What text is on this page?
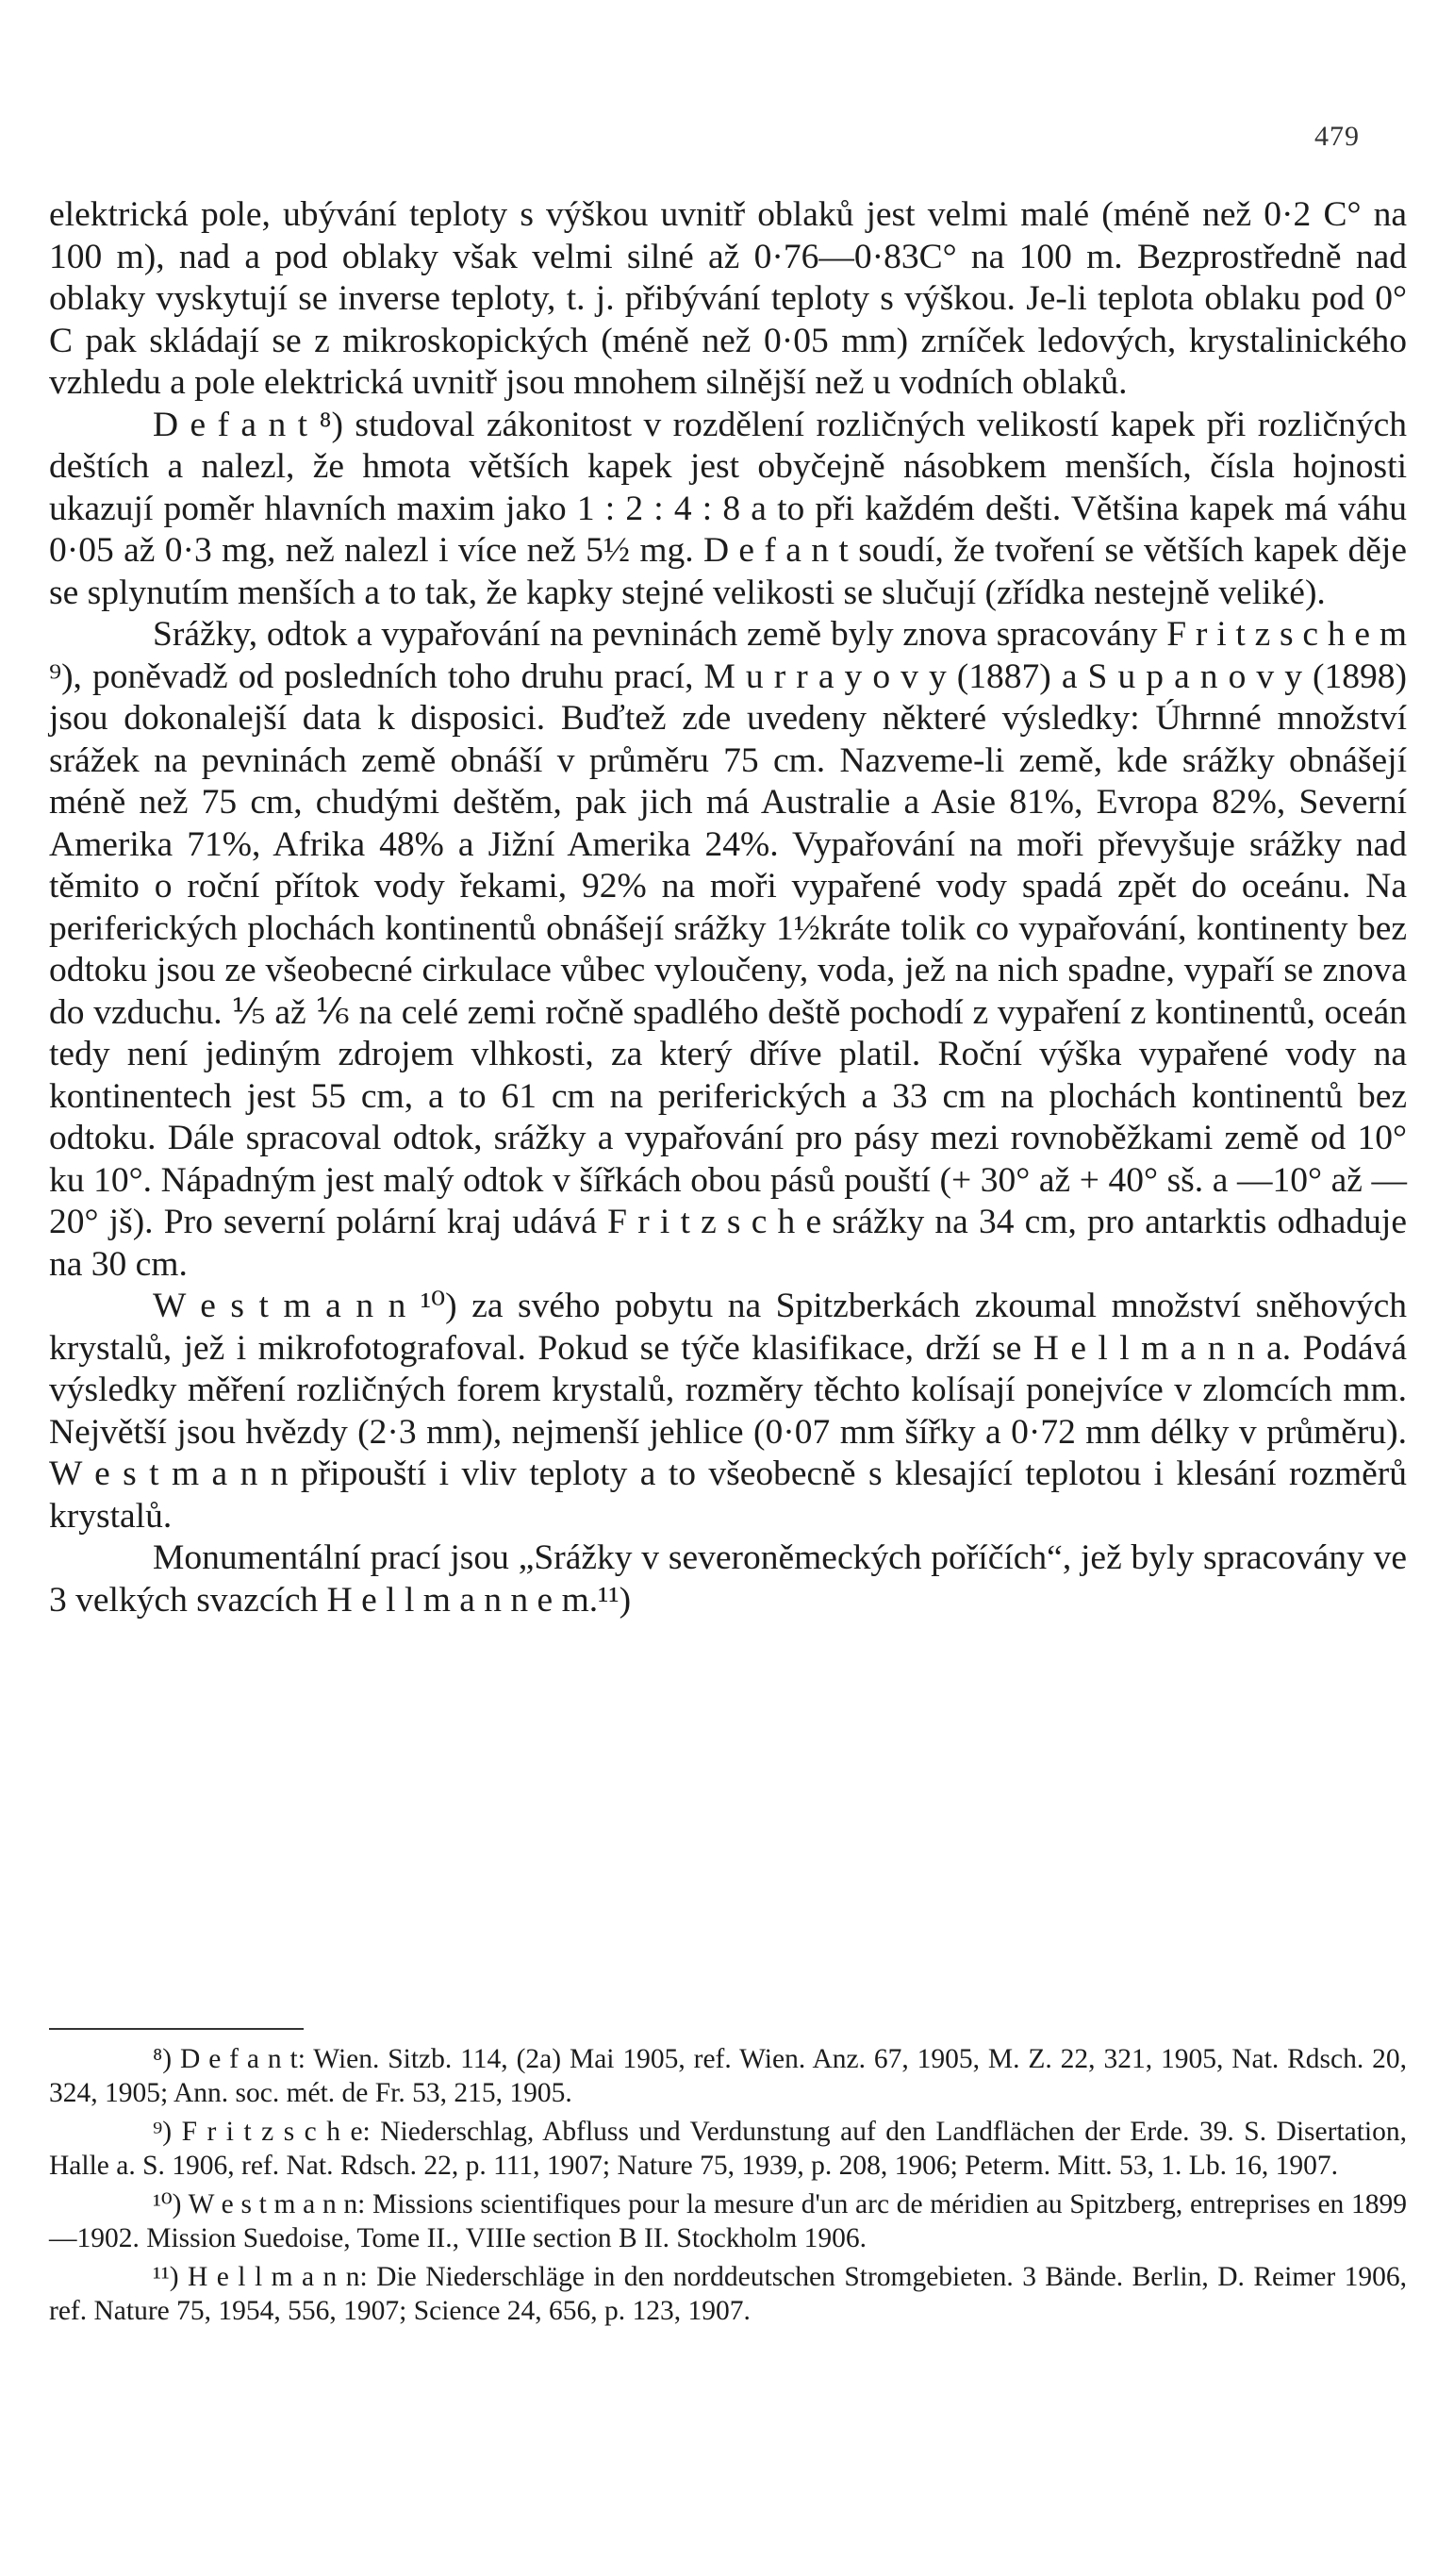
479

elektrická pole, ubývání teploty s výškou uvnitř oblaků jest velmi malé (méně než 0·2 C° na 100 m), nad a pod oblaky však velmi silné až 0·76—0·83C° na 100 m. Bezprostředně nad oblaky vyskytují se inverse teploty, t. j. přibývání teploty s výškou. Je-li teplota oblaku pod 0° C pak skládají se z mikroskopických (méně než 0·05 mm) zrníček ledových, krystalinického vzhledu a pole elektrická uvnitř jsou mnohem silnější než u vodních oblaků.

D e f a n t ⁸) studoval zákonitost v rozdělení rozličných velikostí kapek při rozličných deštích a nalezl, že hmota větších kapek jest obyčejně násobkem menších, čísla hojnosti ukazují poměr hlavních maxim jako 1 : 2 : 4 : 8 a to při každém dešti. Většina kapek má váhu 0·05 až 0·3 mg, než nalezl i více než 5½ mg. D e f a n t soudí, že tvoření se větších kapek děje se splynutím menších a to tak, že kapky stejné velikosti se slučují (zřídka nestejně veliké).

Srážky, odtok a vypařování na pevninách země byly znova spracovány F r i t z s c h e m ⁹), poněvadž od posledních toho druhu prací, M u r r a y o v y (1887) a S u p a n o v y (1898) jsou dokonalejší data k disposici. Buďtež zde uvedeny některé výsledky: Úhrnné množství srážek na pevninách země obnáší v průměru 75 cm. Nazveme-li země, kde srážky obnášejí méně než 75 cm, chudými deštěm, pak jich má Australie a Asie 81%, Evropa 82%, Severní Amerika 71%, Afrika 48% a Jižní Amerika 24%. Vypařování na moři převyšuje srážky nad těmito o roční přítok vody řekami, 92% na moři vypařené vody spadá zpět do oceánu. Na periferických plochách kontinentů obnášejí srážky 1½kráte tolik co vypařování, kontinenty bez odtoku jsou ze všeobecné cirkulace vůbec vyloučeny, voda, jež na nich spadne, vypaří se znova do vzduchu. ⅕ až ⅙ na celé zemi ročně spadlého deště pochodí z vypaření z kontinentů, oceán tedy není jediným zdrojem vlhkosti, za který dříve platil. Roční výška vypařené vody na kontinentech jest 55 cm, a to 61 cm na periferických a 33 cm na plochách kontinentů bez odtoku. Dále spracoval odtok, srážky a vypařování pro pásy mezi rovnoběžkami země od 10° ku 10°. Nápadným jest malý odtok v šířkách obou pásů pouští (+ 30° až + 40° sš. a —10° až —20° jš). Pro severní polární kraj udává F r i t z s c h e srážky na 34 cm, pro antarktis odhaduje na 30 cm.

W e s t m a n n ¹⁰) za svého pobytu na Spitzberkách zkoumal množství sněhových krystalů, jež i mikrofotografoval. Pokud se týče klasifikace, drží se H e l l m a n n a. Podává výsledky měření rozličných forem krystalů, rozměry těchto kolísají ponejvíce v zlomcích mm. Největší jsou hvězdy (2·3 mm), nejmenší jehlice (0·07 mm šířky a 0·72 mm délky v průměru). W e s t m a n n připouští i vliv teploty a to všeobecně s klesající teplotou i klesání rozměrů krystalů.

Monumentální prací jsou „Srážky v severoněmeckých poříčích“, jež byly spracovány ve 3 velkých svazcích H e l l m a n n e m.¹¹)

⁸) D e f a n t: Wien. Sitzb. 114, (2a) Mai 1905, ref. Wien. Anz. 67, 1905, M. Z. 22, 321, 1905, Nat. Rdsch. 20, 324, 1905; Ann. soc. mét. de Fr. 53, 215, 1905.

⁹) F r i t z s c h e: Niederschlag, Abfluss und Verdunstung auf den Landflächen der Erde. 39. S. Disertation, Halle a. S. 1906, ref. Nat. Rdsch. 22, p. 111, 1907; Nature 75, 1939, p. 208, 1906; Peterm. Mitt. 53, 1. Lb. 16, 1907.

¹⁰) W e s t m a n n: Missions scientifiques pour la mesure d'un arc de méridien au Spitzberg, entreprises en 1899—1902. Mission Suedoise, Tome II., VIIIe section B II. Stockholm 1906.

¹¹) H e l l m a n n: Die Niederschläge in den norddeutschen Stromgebieten. 3 Bände. Berlin, D. Reimer 1906, ref. Nature 75, 1954, 556, 1907; Science 24, 656, p. 123, 1907.
